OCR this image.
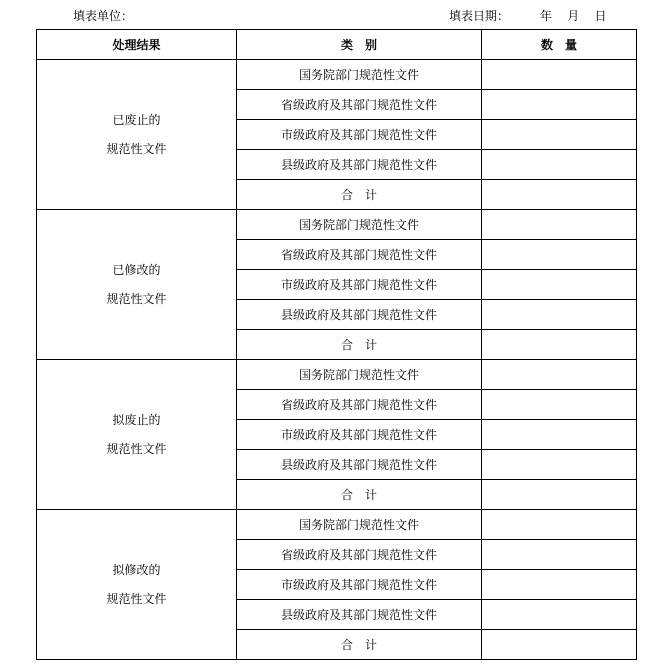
填表单位：	填表日期：	年    月    日
处理结果	类　别	数　量

已废止的
规范性文件	国务院部门规范性文件	
	省级政府及其部门规范性文件	
	市级政府及其部门规范性文件	
	县级政府及其部门规范性文件	
	合　计	

已修改的
规范性文件	国务院部门规范性文件	
	省级政府及其部门规范性文件	
	市级政府及其部门规范性文件	
	县级政府及其部门规范性文件	
	合　计	

拟废止的
规范性文件	国务院部门规范性文件	
	省级政府及其部门规范性文件	
	市级政府及其部门规范性文件	
	县级政府及其部门规范性文件	
	合　计	

拟修改的
规范性文件	国务院部门规范性文件	
	省级政府及其部门规范性文件	
	市级政府及其部门规范性文件	
	县级政府及其部门规范性文件	
	合　计	
